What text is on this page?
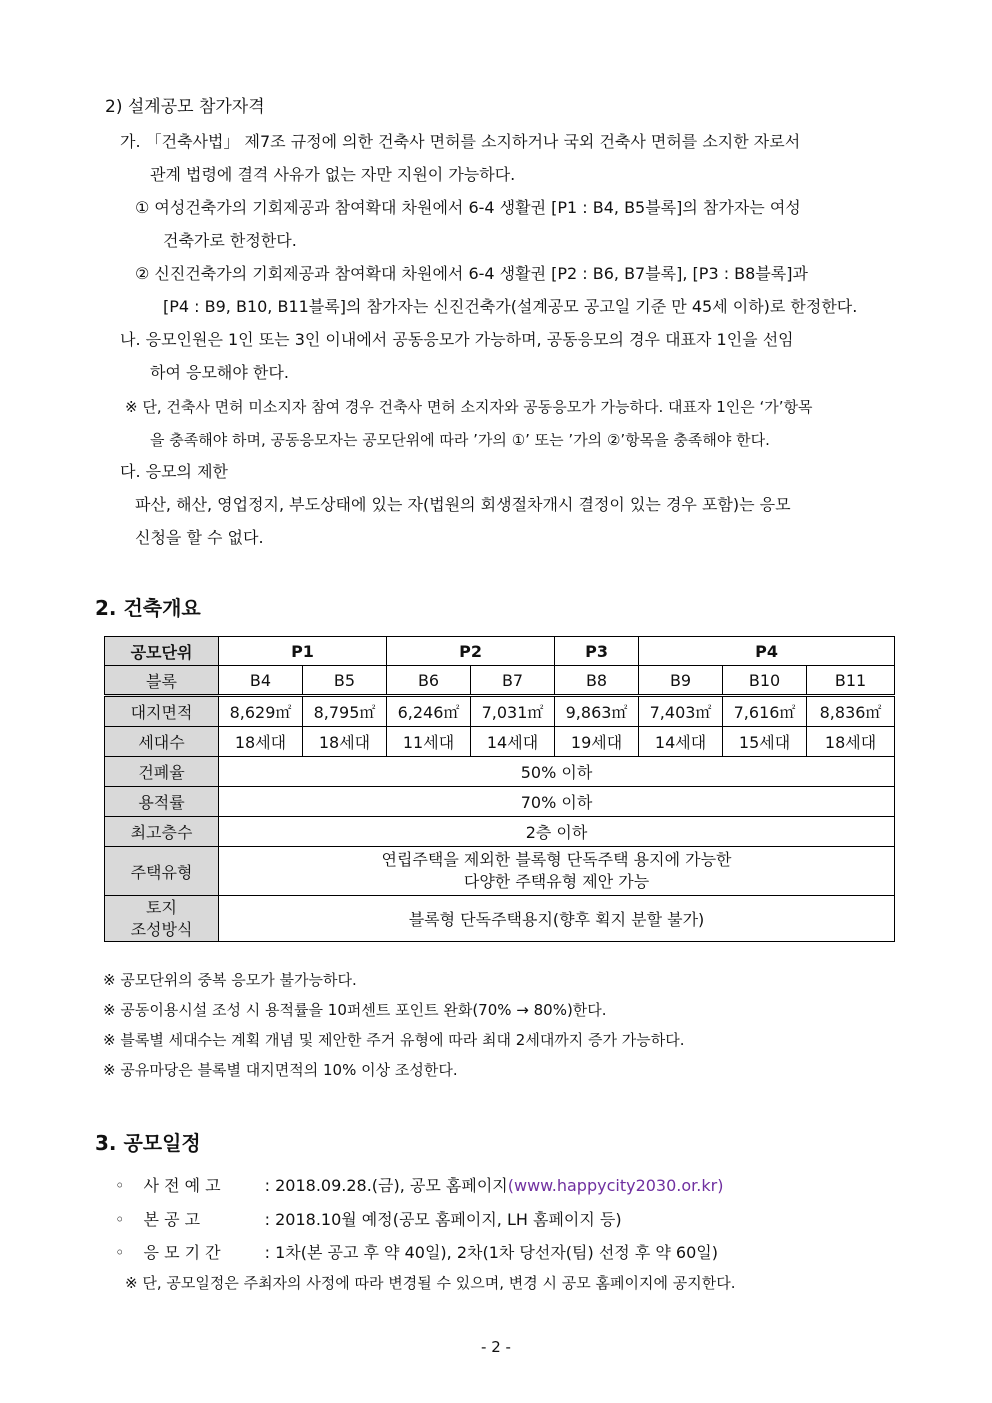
2) 설계공모 참가자격
가. 「건축사법」 제7조 규정에 의한 건축사 면허를 소지하거나 국외 건축사 면허를 소지한 자로서
관계 법령에 결격 사유가 없는 자만 지원이 가능하다.
① 여성건축가의 기회제공과 참여확대 차원에서 6-4 생활권 [P1 : B4, B5블록]의 참가자는 여성
건축가로 한정한다.
② 신진건축가의 기회제공과 참여확대 차원에서 6-4 생활권 [P2 : B6, B7블록], [P3 : B8블록]과
[P4 : B9, B10, B11블록]의 참가자는 신진건축가(설계공모 공고일 기준 만 45세 이하)로 한정한다.
나. 응모인원은 1인 또는 3인 이내에서 공동응모가 가능하며, 공동응모의 경우 대표자 1인을 선임
하여 응모해야 한다.
※ 단, 건축사 면허 미소지자 참여 경우 건축사 면허 소지자와 공동응모가 가능하다. 대표자 1인은 ‘가’항목
을 충족해야 하며, 공동응모자는 공모단위에 따라 ’가의 ①’ 또는 ’가의 ②’항목을 충족해야 한다.
다. 응모의 제한
파산, 해산, 영업정지, 부도상태에 있는 자(법원의 회생절차개시 결정이 있는 경우 포함)는 응모
신청을 할 수 없다.
2. 건축개요
공모단위	P1		P2		P3	P4		
블록	B4	B5	B6	B7	B8	B9	B10	B11
대지면적	8,629㎡	8,795㎡	6,246㎡	7,031㎡	9,863㎡	7,403㎡	7,616㎡	8,836㎡
세대수	18세대	18세대	11세대	14세대	19세대	14세대	15세대	18세대
건폐율	50% 이하							
용적률	70% 이하							
최고층수	2층 이하							
주택유형	연립주택을 제외한 블록형 단독주택 용지에 가능한
다양한 주택유형 제안 가능							

토지
조성방식	블록형 단독주택용지(향후 획지 분할 불가)							
※ 공모단위의 중복 응모가 불가능하다.
※ 공동이용시설 조성 시 용적률을 10퍼센트 포인트 완화(70% → 80%)한다.
※ 블록별 세대수는 계획 개념 및 제안한 주거 유형에 따라 최대 2세대까지 증가 가능하다.
※ 공유마당은 블록별 대지면적의 10% 이상 조성한다.
3. 공모일정
◦ 사 전 예 고	: 2018.09.28.(금), 공모 홈페이지(www.happycity2030.or.kr)
◦ 본 공 고	: 2018.10월 예정(공모 홈페이지, LH 홈페이지 등)
◦ 응 모 기 간	: 1차(본 공고 후 약 40일), 2차(1차 당선자(팀) 선정 후 약 60일)
※ 단, 공모일정은 주최자의 사정에 따라 변경될 수 있으며, 변경 시 공모 홈페이지에 공지한다.
- 2 -
